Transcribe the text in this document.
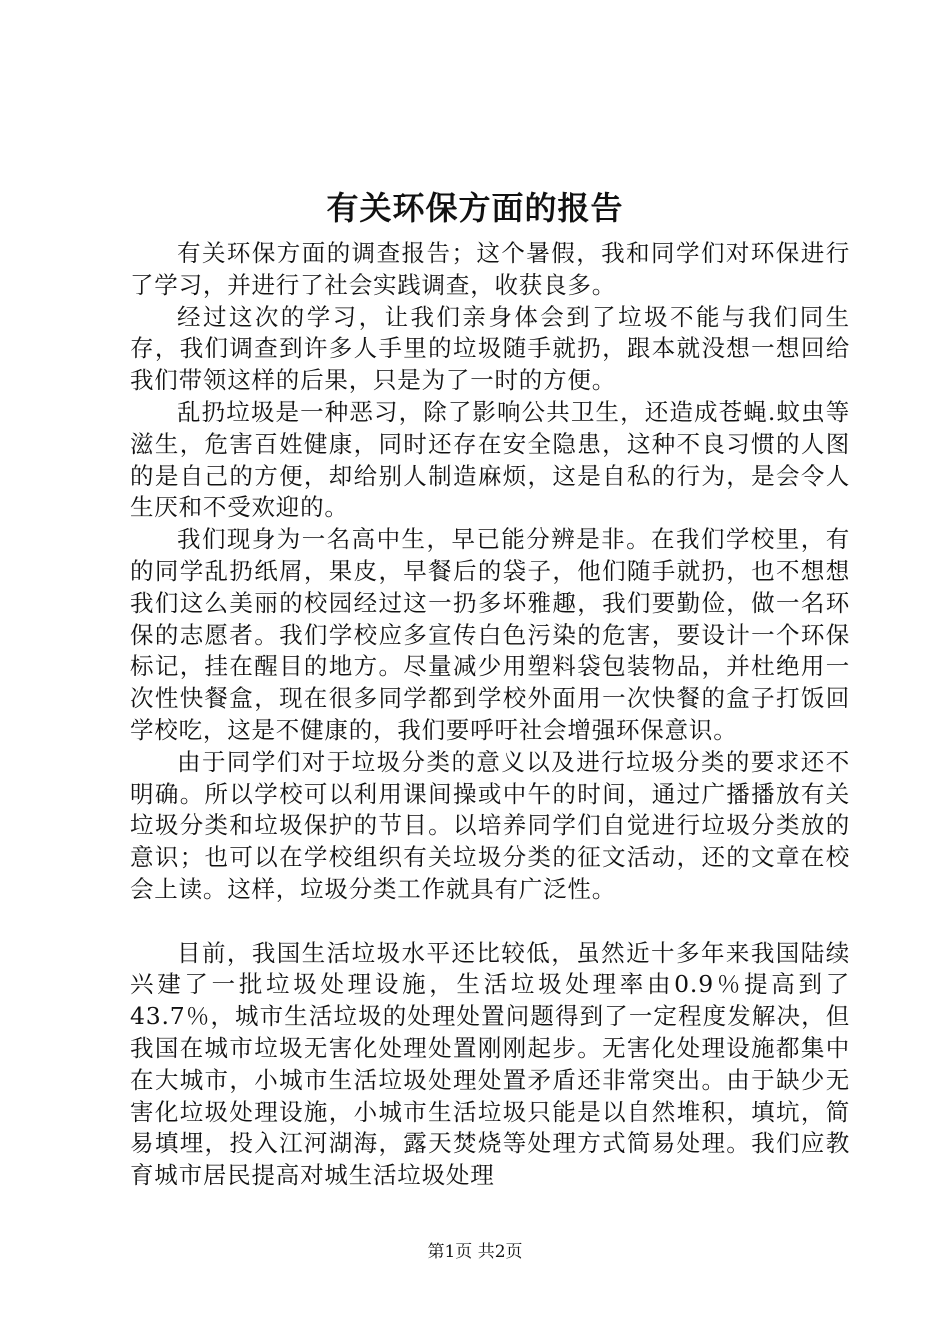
有关环保方面的报告

有关环保方面的调查报告；这个暑假，我和同学们对环保进行了学习，并进行了社会实践调查，收获良多。

经过这次的学习，让我们亲身体会到了垃圾不能与我们同生存，我们调查到许多人手里的垃圾随手就扔，跟本就没想一想回给我们带领这样的后果，只是为了一时的方便。

乱扔垃圾是一种恶习，除了影响公共卫生，还造成苍蝇.蚊虫等滋生，危害百姓健康，同时还存在安全隐患，这种不良习惯的人图的是自己的方便，却给别人制造麻烦，这是自私的行为，是会令人生厌和不受欢迎的。

我们现身为一名高中生，早已能分辨是非。在我们学校里，有的同学乱扔纸屑，果皮，早餐后的袋子，他们随手就扔，也不想想我们这么美丽的校园经过这一扔多坏雅趣，我们要勤俭，做一名环保的志愿者。我们学校应多宣传白色污染的危害，要设计一个环保标记，挂在醒目的地方。尽量减少用塑料袋包装物品，并杜绝用一次性快餐盒，现在很多同学都到学校外面用一次快餐的盒子打饭回学校吃，这是不健康的，我们要呼吁社会增强环保意识。

由于同学们对于垃圾分类的意义以及进行垃圾分类的要求还不明确。所以学校可以利用课间操或中午的时间，通过广播播放有关垃圾分类和垃圾保护的节目。以培养同学们自觉进行垃圾分类放的意识；也可以在学校组织有关垃圾分类的征文活动，还的文章在校会上读。这样，垃圾分类工作就具有广泛性。

目前，我国生活垃圾水平还比较低，虽然近十多年来我国陆续兴建了一批垃圾处理设施，生活垃圾处理率由0.9％提高到了43.7％，城市生活垃圾的处理处置问题得到了一定程度发解决，但我国在城市垃圾无害化处理处置刚刚起步。无害化处理设施都集中在大城市，小城市生活垃圾处理处置矛盾还非常突出。由于缺少无害化垃圾处理设施，小城市生活垃圾只能是以自然堆积，填坑，简易填埋，投入江河湖海，露天焚烧等处理方式简易处理。我们应教育城市居民提高对城生活垃圾处理

第1页 共2页
